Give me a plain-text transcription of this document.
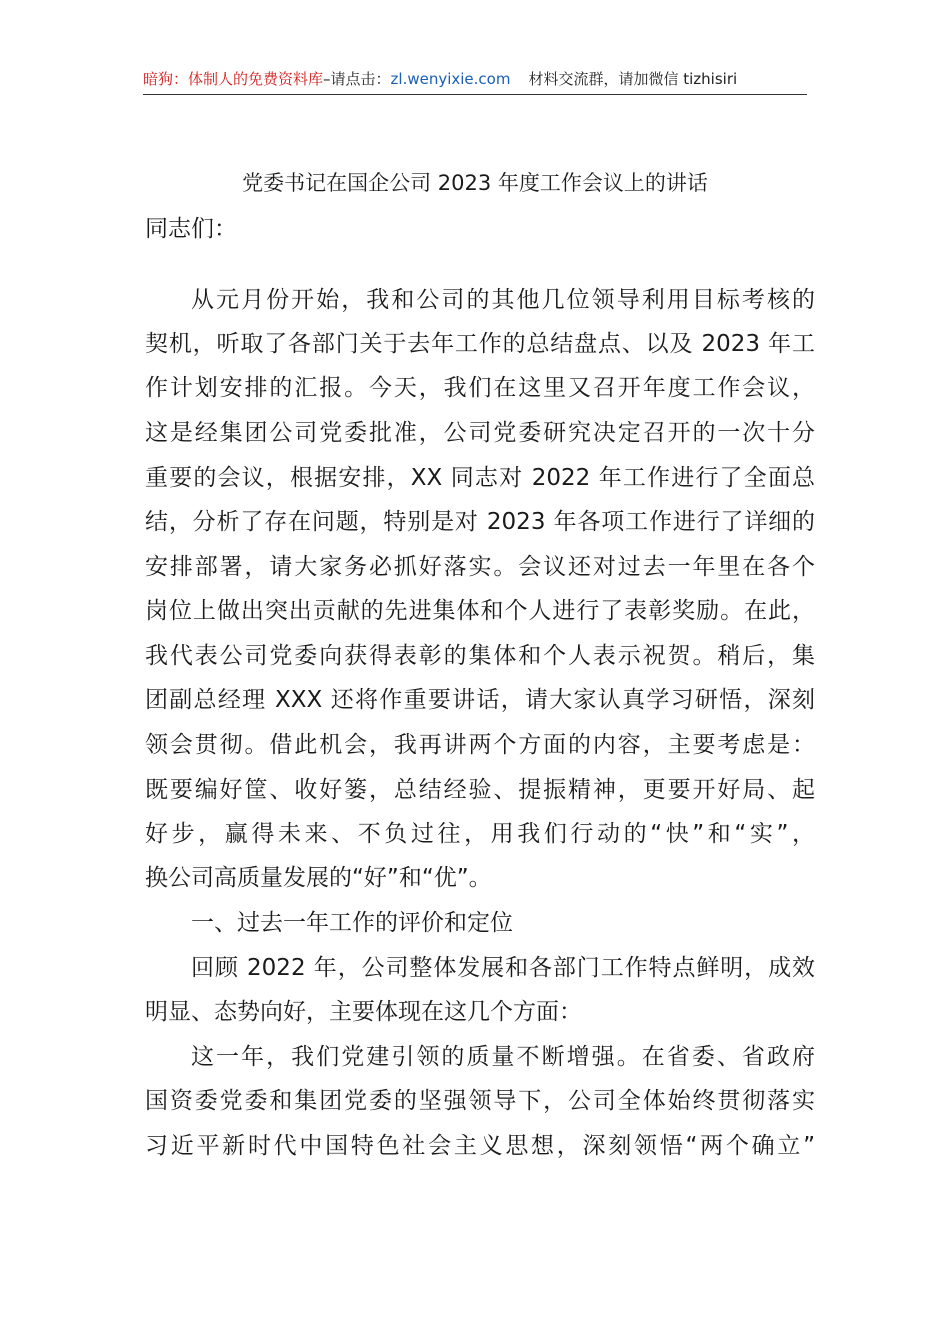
暗狗：体制人的免费资料库–请点击：zl.wenyixie.com 材料交流群，请加微信 tizhisiri
党委书记在国企公司 2023 年度工作会议上的讲话
同志们：
从元月份开始，我和公司的其他几位领导利用目标考核的
契机，听取了各部门关于去年工作的总结盘点、以及 2023 年工
作计划安排的汇报。今天，我们在这里又召开年度工作会议，
这是经集团公司党委批准，公司党委研究决定召开的一次十分
重要的会议，根据安排，XX 同志对 2022 年工作进行了全面总
结，分析了存在问题，特别是对 2023 年各项工作进行了详细的
安排部署，请大家务必抓好落实。会议还对过去一年里在各个
岗位上做出突出贡献的先进集体和个人进行了表彰奖励。在此，
我代表公司党委向获得表彰的集体和个人表示祝贺。稍后，集
团副总经理 XXX 还将作重要讲话，请大家认真学习研悟，深刻
领会贯彻。借此机会，我再讲两个方面的内容，主要考虑是：
既要编好筐、收好篓，总结经验、提振精神，更要开好局、起
好步，赢得未来、不负过往，用我们行动的“快”和“实”，
换公司高质量发展的“好”和“优”。
一、过去一年工作的评价和定位
回顾 2022 年，公司整体发展和各部门工作特点鲜明，成效
明显、态势向好，主要体现在这几个方面：
这一年，我们党建引领的质量不断增强。在省委、省政府
国资委党委和集团党委的坚强领导下，公司全体始终贯彻落实
习近平新时代中国特色社会主义思想，深刻领悟“两个确立”
